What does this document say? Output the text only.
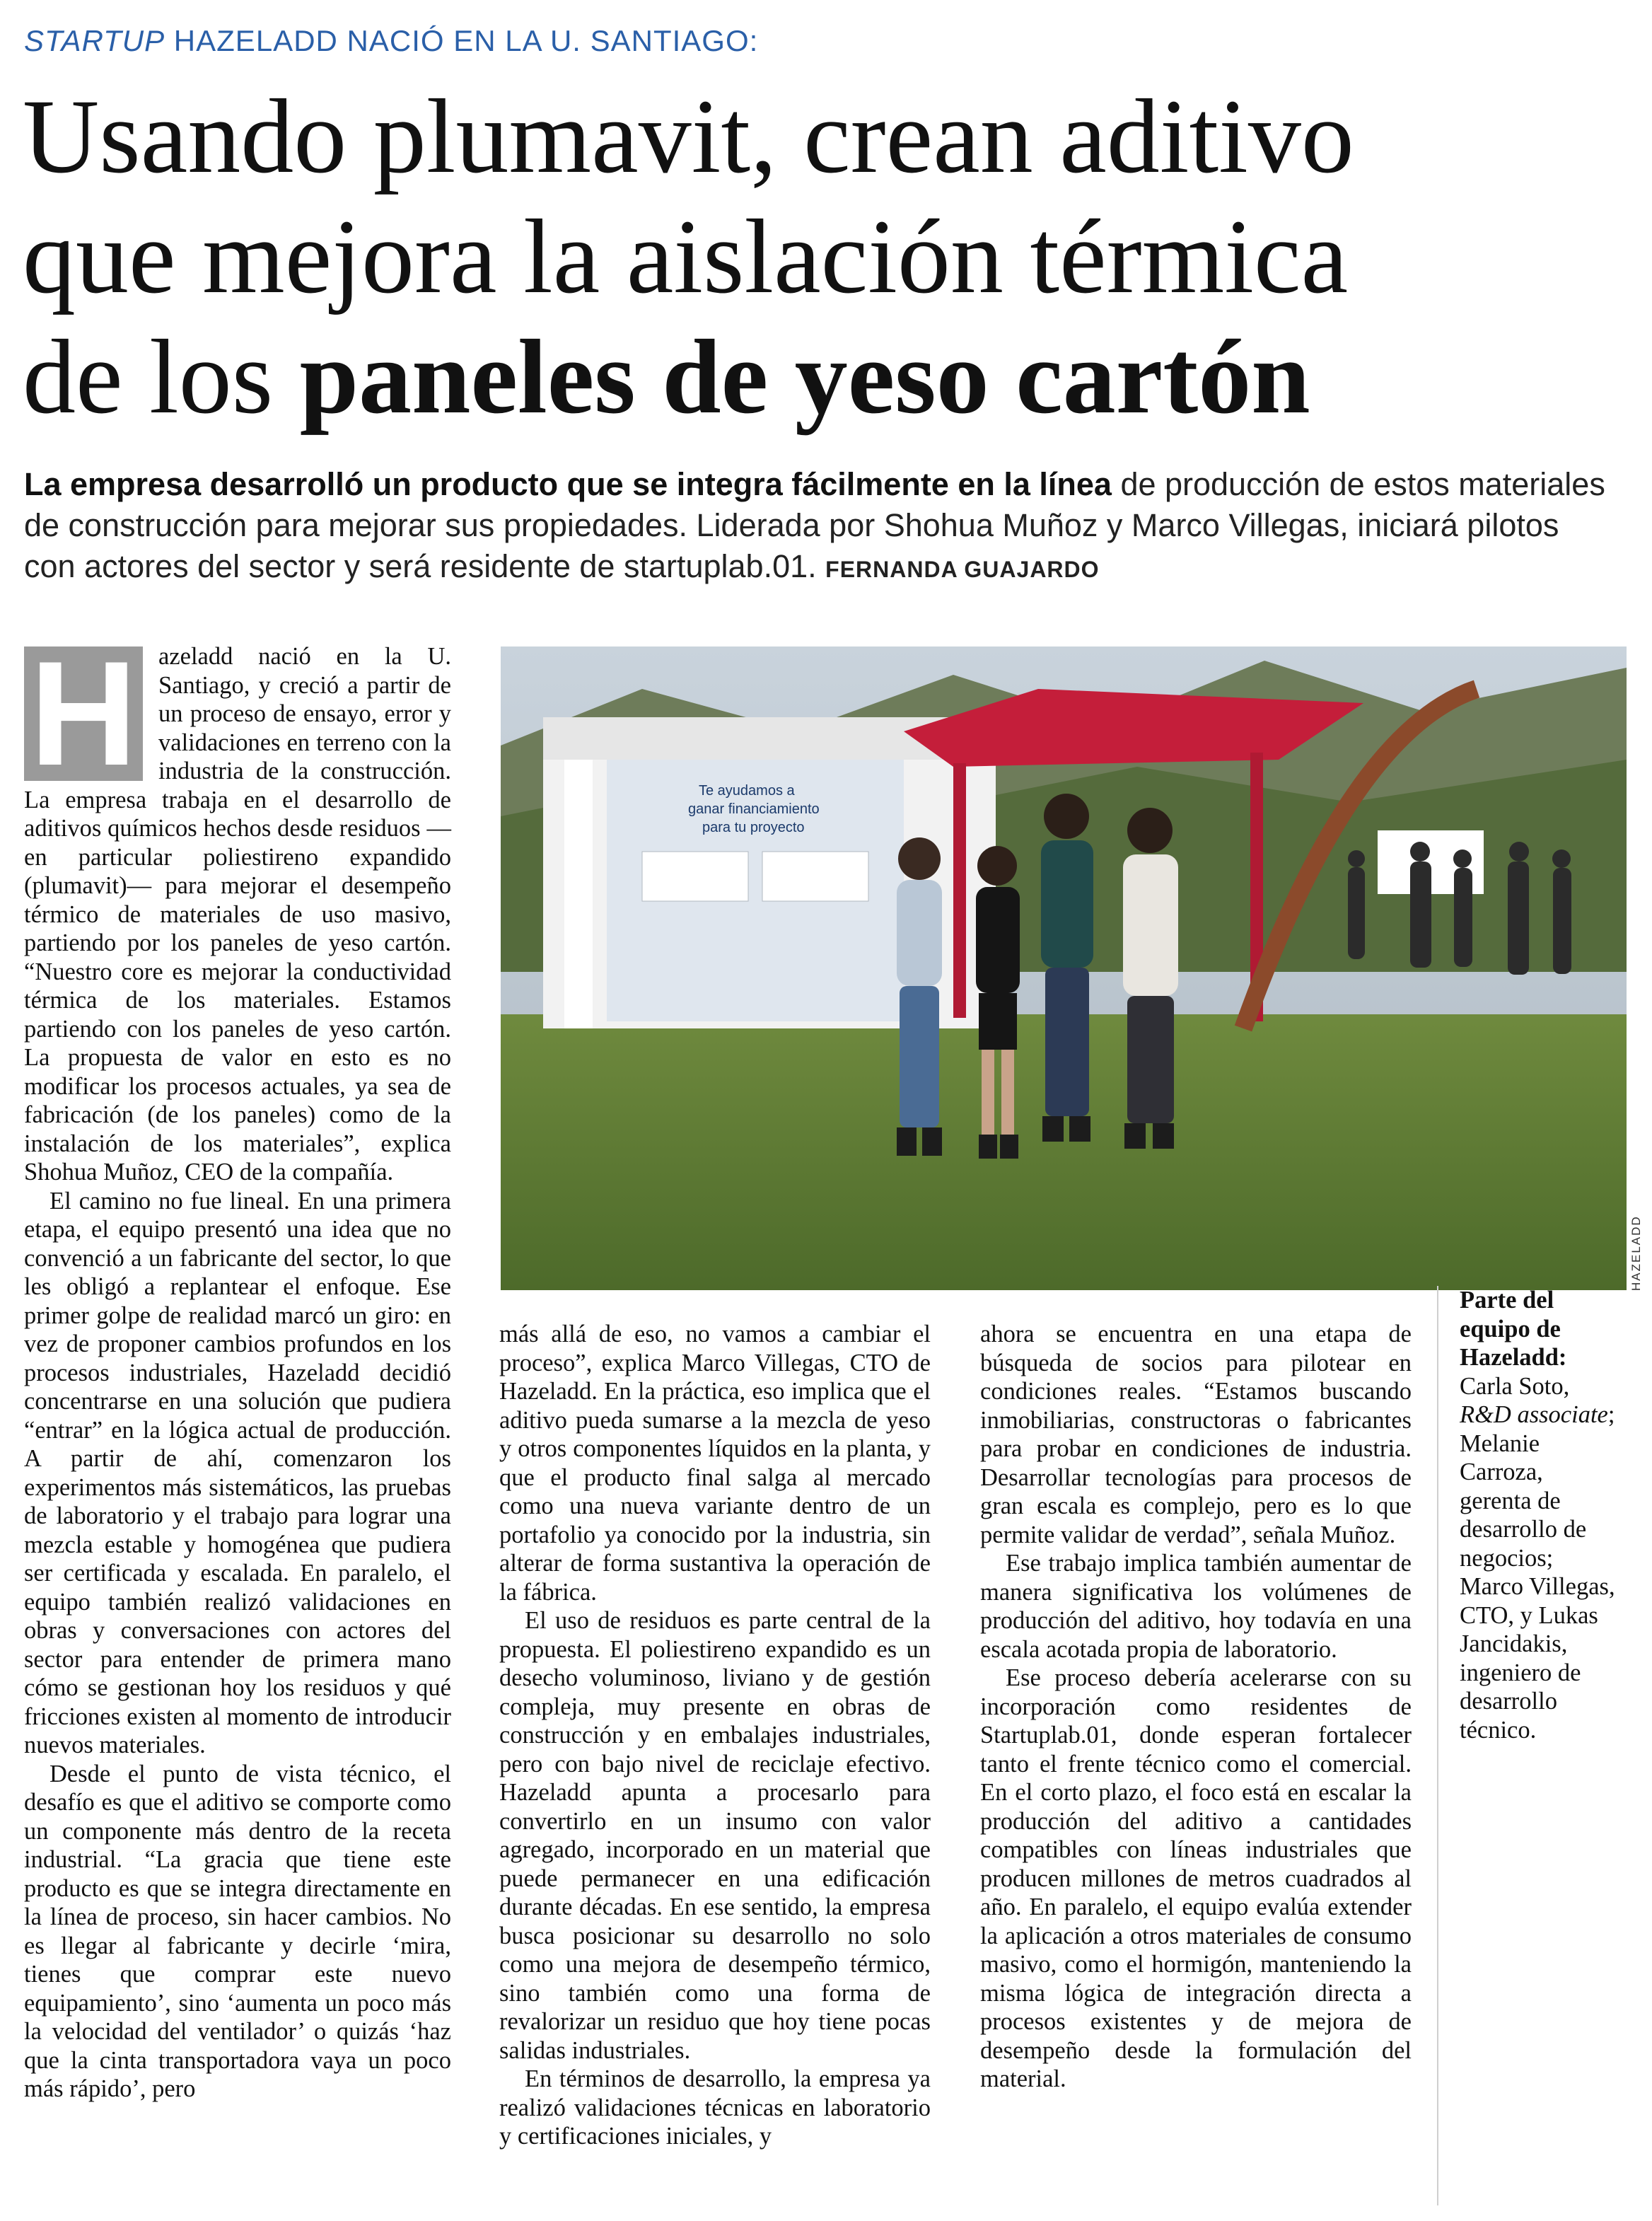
STARTUP HAZELADD NACIÓ EN LA U. SANTIAGO:
Usando plumavit, crean aditivo
que mejora la aislación térmica
de los paneles de yeso cartón
La empresa desarrolló un producto que se integra fácilmente en la línea de producción de estos materiales de construcción para mejorar sus propiedades. Liderada por Shohua Muñoz y Marco Villegas, iniciará pilotos con actores del sector y será residente de startuplab.01. FERNANDA GUAJARDO
H azeladd nació en la U. Santiago, y creció a partir de un proceso de ensayo, error y validaciones en terreno con la industria de la construcción. La empresa trabaja en el desarrollo de aditivos químicos hechos desde residuos —en particular poliestireno expandido (plumavit)— para mejorar el desempeño térmico de materiales de uso masivo, partiendo por los paneles de yeso cartón. “Nuestro core es mejorar la conductividad térmica de los materiales. Estamos partiendo con los paneles de yeso cartón. La propuesta de valor en esto es no modificar los procesos actuales, ya sea de fabricación (de los paneles) como de la instalación de los materiales”, explica Shohua Muñoz, CEO de la compañía.

El camino no fue lineal. En una primera etapa, el equipo presentó una idea que no convenció a un fabricante del sector, lo que les obligó a replantear el enfoque. Ese primer golpe de realidad marcó un giro: en vez de proponer cambios profundos en los procesos industriales, Hazeladd decidió concentrarse en una solución que pudiera “entrar” en la lógica actual de producción. A partir de ahí, comenzaron los experimentos más sistemáticos, las pruebas de laboratorio y el trabajo para lograr una mezcla estable y homogénea que pudiera ser certificada y escalada. En paralelo, el equipo también realizó validaciones en obras y conversaciones con actores del sector para entender de primera mano cómo se gestionan hoy los residuos y qué fricciones existen al momento de introducir nuevos materiales.

Desde el punto de vista técnico, el desafío es que el aditivo se comporte como un componente más dentro de la receta industrial. “La gracia que tiene este producto es que se integra directamente en la línea de proceso, sin hacer cambios. No es llegar al fabricante y decirle ‘mira, tienes que comprar este nuevo equipamiento’, sino ‘aumenta un poco más la velocidad del ventilador’ o quizás ‘haz que la cinta transportadora vaya un poco más rápido’, pero

Te ayudamos a
ganar financiamiento
para tu proyecto
HAZELADD
Parte del equipo de Hazeladd:
Carla Soto, R&D associate; Melanie Carroza, gerenta de desarrollo de negocios; Marco Villegas, CTO, y Lukas Jancidakis, ingeniero de desarrollo técnico.

más allá de eso, no vamos a cambiar el proceso”, explica Marco Villegas, CTO de Hazeladd. En la práctica, eso implica que el aditivo pueda sumarse a la mezcla de yeso y otros componentes líquidos en la planta, y que el producto final salga al mercado como una nueva variante dentro de un portafolio ya conocido por la industria, sin alterar de forma sustantiva la operación de la fábrica.

El uso de residuos es parte central de la propuesta. El poliestireno expandido es un desecho voluminoso, liviano y de gestión compleja, muy presente en obras de construcción y en embalajes industriales, pero con bajo nivel de reciclaje efectivo. Hazeladd apunta a procesarlo para convertirlo en un insumo con valor agregado, incorporado en un material que puede permanecer en una edificación durante décadas. En ese sentido, la empresa busca posicionar su desarrollo no solo como una mejora de desempeño térmico, sino también como una forma de revalorizar un residuo que hoy tiene pocas salidas industriales.

En términos de desarrollo, la empresa ya realizó validaciones técnicas en laboratorio y certificaciones iniciales, y

ahora se encuentra en una etapa de búsqueda de socios para pilotear en condiciones reales. “Estamos buscando inmobiliarias, constructoras o fabricantes para probar en condiciones de industria. Desarrollar tecnologías para procesos de gran escala es complejo, pero es lo que permite validar de verdad”, señala Muñoz.

Ese trabajo implica también aumentar de manera significativa los volúmenes de producción del aditivo, hoy todavía en una escala acotada propia de laboratorio.

Ese proceso debería acelerarse con su incorporación como residentes de Startuplab.01, donde esperan fortalecer tanto el frente técnico como el comercial. En el corto plazo, el foco está en escalar la producción del aditivo a cantidades compatibles con líneas industriales que producen millones de metros cuadrados al año. En paralelo, el equipo evalúa extender la aplicación a otros materiales de consumo masivo, como el hormigón, manteniendo la misma lógica de integración directa a procesos existentes y de mejora de desempeño desde la formulación del material.
